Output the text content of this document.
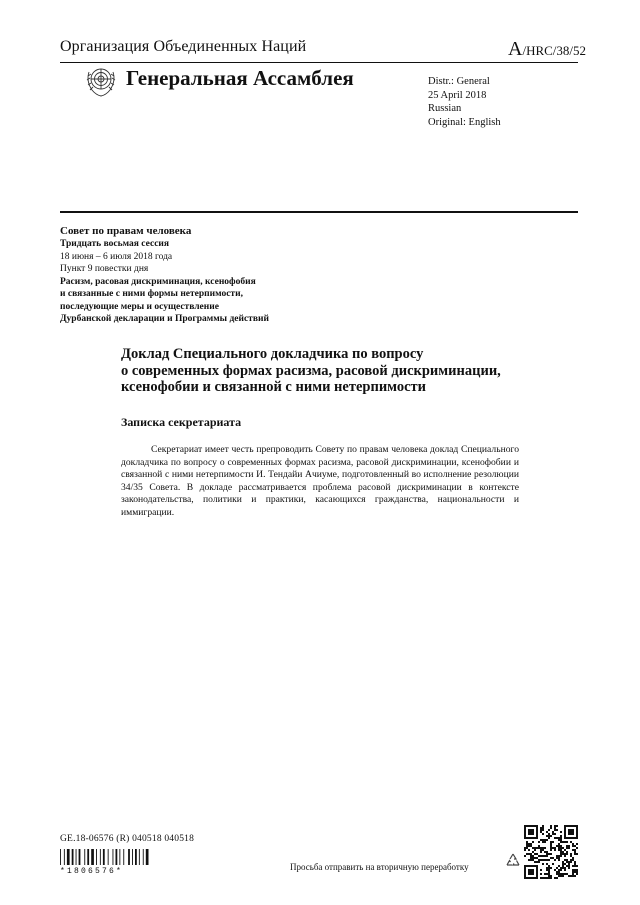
Организация Объединенных Наций	A/HRC/38/52
Генеральная Ассамблея	Distr.: General
25 April 2018
Russian
Original: English
Совет по правам человека
Тридцать восьмая сессия
18 июня – 6 июля 2018 года
Пункт 9 повестки дня
Расизм, расовая дискриминация, ксенофобия
и связанные с ними формы нетерпимости,
последующие меры и осуществление
Дурбанской декларации и Программы действий
Доклад Специального докладчика по вопросу
о современных формах расизма, расовой дискриминации,
ксенофобии и связанной с ними нетерпимости
Записка секретариата

Секретариат имеет честь препроводить Совету по правам человека доклад Специального докладчика по вопросу о современных формах расизма, расовой дискриминации, ксенофобии и связанной с ними нетерпимости И. Тендайи Ачиуме, подготовленный во исполнение резолюции 34/35 Совета. В докладе рассматривается проблема расовой дискриминации в контексте законодательства, политики и практики, касающихся гражданства, национальности и иммиграции.

GE.18-06576 (R) 040518 040518
*1806576*	Просьба отправить на вторичную переработку
